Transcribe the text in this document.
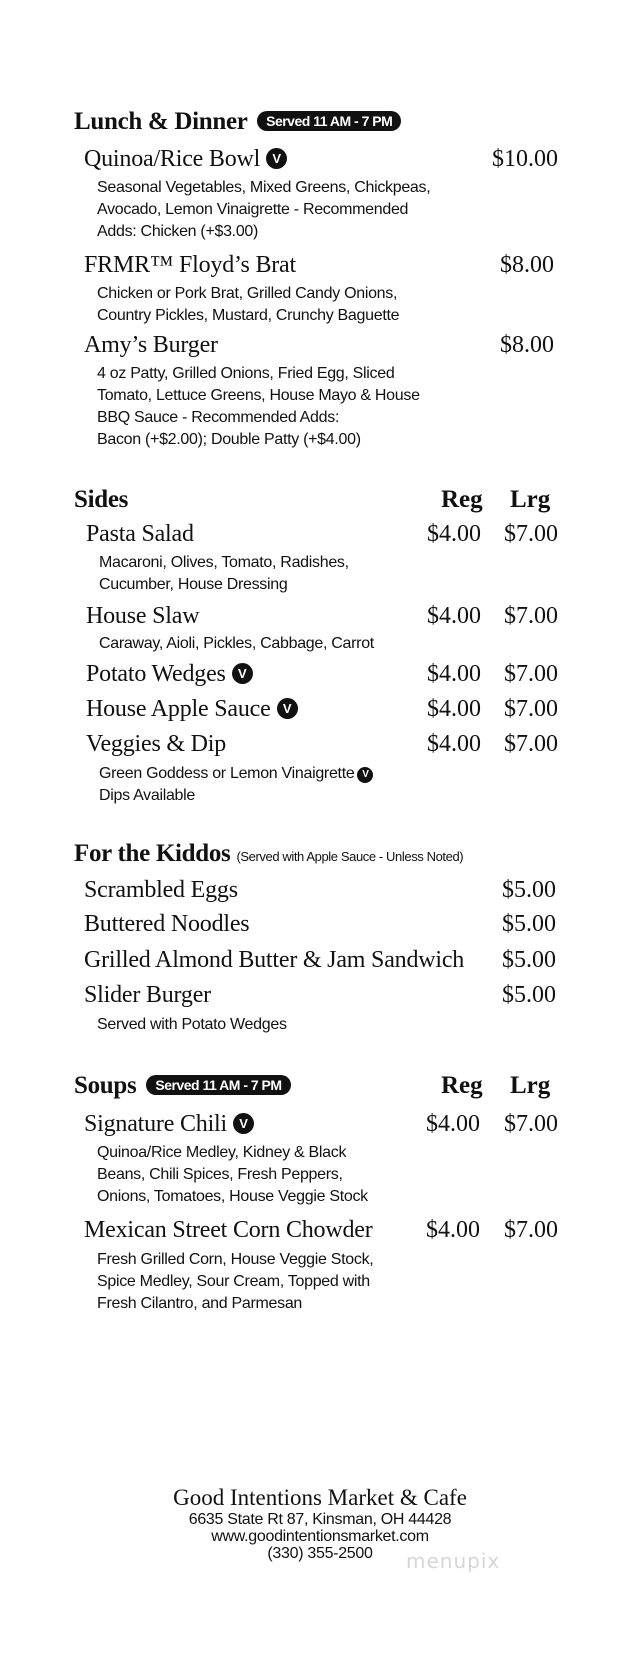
Lunch & Dinner Served 11 AM - 7 PM
Quinoa/Rice Bowl V	$10.00
Seasonal Vegetables, Mixed Greens, Chickpeas,
Avocado, Lemon Vinaigrette - Recommended
Adds: Chicken (+$3.00)
FRMR™ Floyd’s Brat	$8.00
Chicken or Pork Brat, Grilled Candy Onions,
Country Pickles, Mustard, Crunchy Baguette
Amy’s Burger	$8.00
4 oz Patty, Grilled Onions, Fried Egg, Sliced
Tomato, Lettuce Greens, House Mayo & House
BBQ Sauce - Recommended Adds:
Bacon (+$2.00); Double Patty (+$4.00)
Sides	Reg Lrg
Pasta Salad	$4.00 $7.00
Macaroni, Olives, Tomato, Radishes,
Cucumber, House Dressing
House Slaw	$4.00 $7.00
Caraway, Aioli, Pickles, Cabbage, Carrot
Potato Wedges V	$4.00 $7.00
House Apple Sauce V	$4.00 $7.00
Veggies & Dip	$4.00 $7.00
Green Goddess or Lemon Vinaigrette V
Dips Available
For the Kiddos (Served with Apple Sauce - Unless Noted)
Scrambled Eggs	$5.00
Buttered Noodles	$5.00
Grilled Almond Butter & Jam Sandwich $5.00
Slider Burger	$5.00
Served with Potato Wedges
Soups Served 11 AM - 7 PM	Reg Lrg
Signature Chili V	$4.00 $7.00
Quinoa/Rice Medley, Kidney & Black
Beans, Chili Spices, Fresh Peppers,
Onions, Tomatoes, House Veggie Stock
Mexican Street Corn Chowder $4.00 $7.00
Fresh Grilled Corn, House Veggie Stock,
Spice Medley, Sour Cream, Topped with
Fresh Cilantro, and Parmesan
Good Intentions Market & Cafe
6635 State Rt 87, Kinsman, OH 44428
www.goodintentionsmarket.com
(330) 355-2500	menupix
